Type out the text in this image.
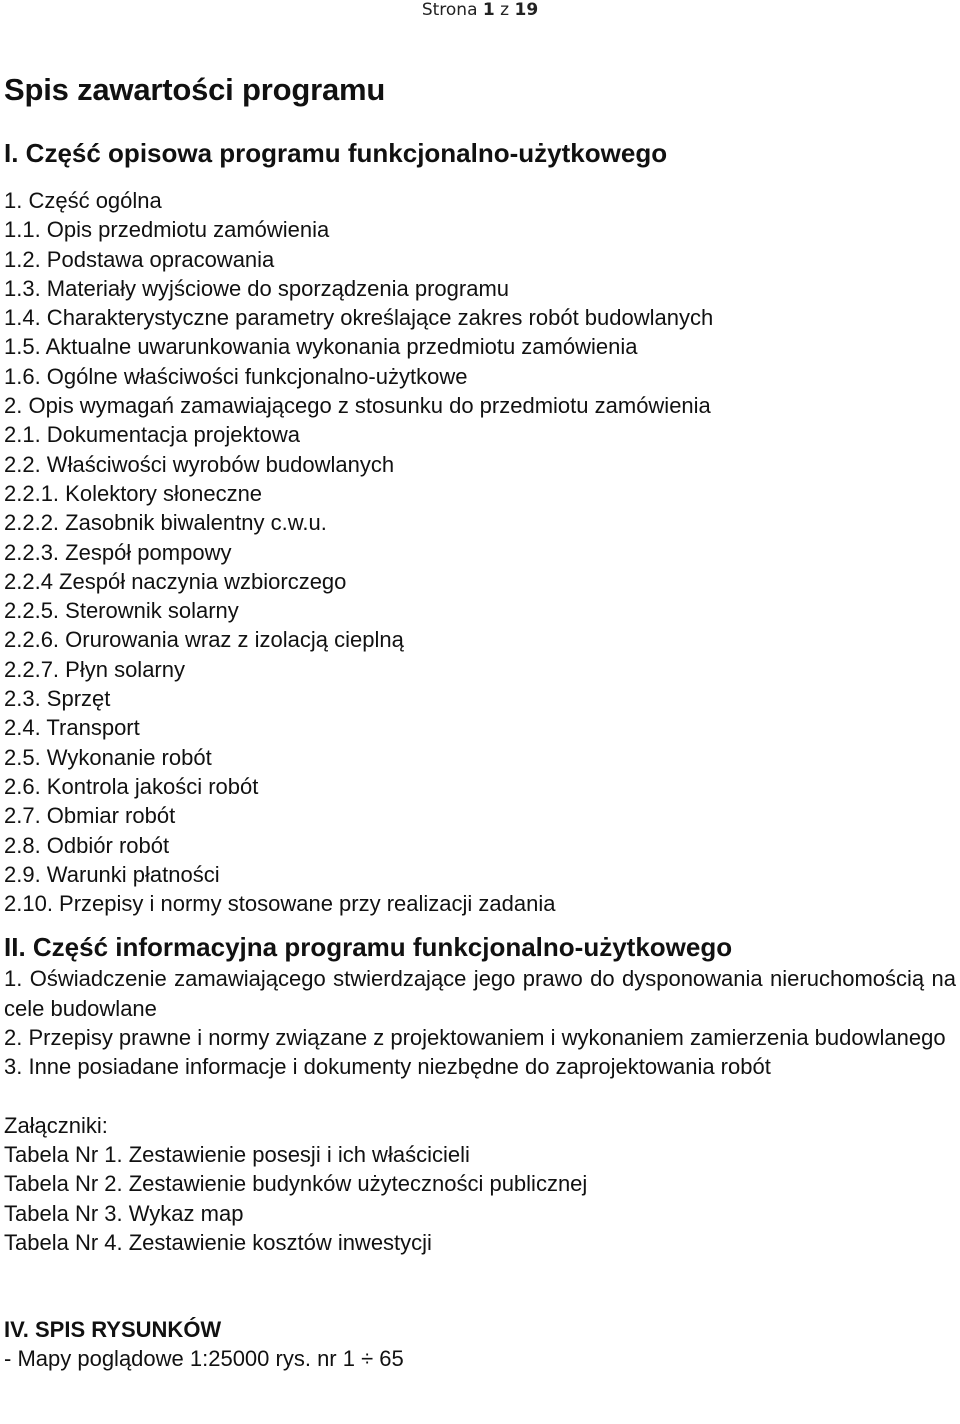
Strona 1 z 19
Spis zawartości programu
I. Część opisowa programu funkcjonalno-użytkowego
1. Część ogólna
1.1. Opis przedmiotu zamówienia
1.2. Podstawa opracowania
1.3. Materiały wyjściowe do sporządzenia programu
1.4. Charakterystyczne parametry określające zakres robót budowlanych
1.5. Aktualne uwarunkowania wykonania przedmiotu zamówienia
1.6. Ogólne właściwości funkcjonalno-użytkowe
2. Opis wymagań zamawiającego z stosunku do przedmiotu zamówienia
2.1. Dokumentacja projektowa
2.2. Właściwości wyrobów budowlanych
2.2.1. Kolektory słoneczne
2.2.2. Zasobnik biwalentny c.w.u.
2.2.3. Zespół pompowy
2.2.4 Zespół naczynia wzbiorczego
2.2.5. Sterownik solarny
2.2.6. Orurowania wraz z izolacją cieplną
2.2.7. Płyn solarny
2.3. Sprzęt
2.4. Transport
2.5. Wykonanie robót
2.6. Kontrola jakości robót
2.7. Obmiar robót
2.8. Odbiór robót
2.9. Warunki płatności
2.10. Przepisy i normy stosowane przy realizacji zadania
II. Część informacyjna programu funkcjonalno-użytkowego

1. Oświadczenie zamawiającego stwierdzające jego prawo do dysponowania nieruchomością na cele budowlane

2. Przepisy prawne i normy związane z projektowaniem i wykonaniem zamierzenia budowlanego

3. Inne posiadane informacje i dokumenty niezbędne do zaprojektowania robót

Załączniki:

Tabela Nr 1. Zestawienie posesji i ich właścicieli

Tabela Nr 2. Zestawienie budynków użyteczności publicznej

Tabela Nr 3. Wykaz map

Tabela Nr 4. Zestawienie kosztów inwestycji

IV. SPIS RYSUNKÓW

- Mapy poglądowe 1:25000 rys. nr 1 ÷ 65
